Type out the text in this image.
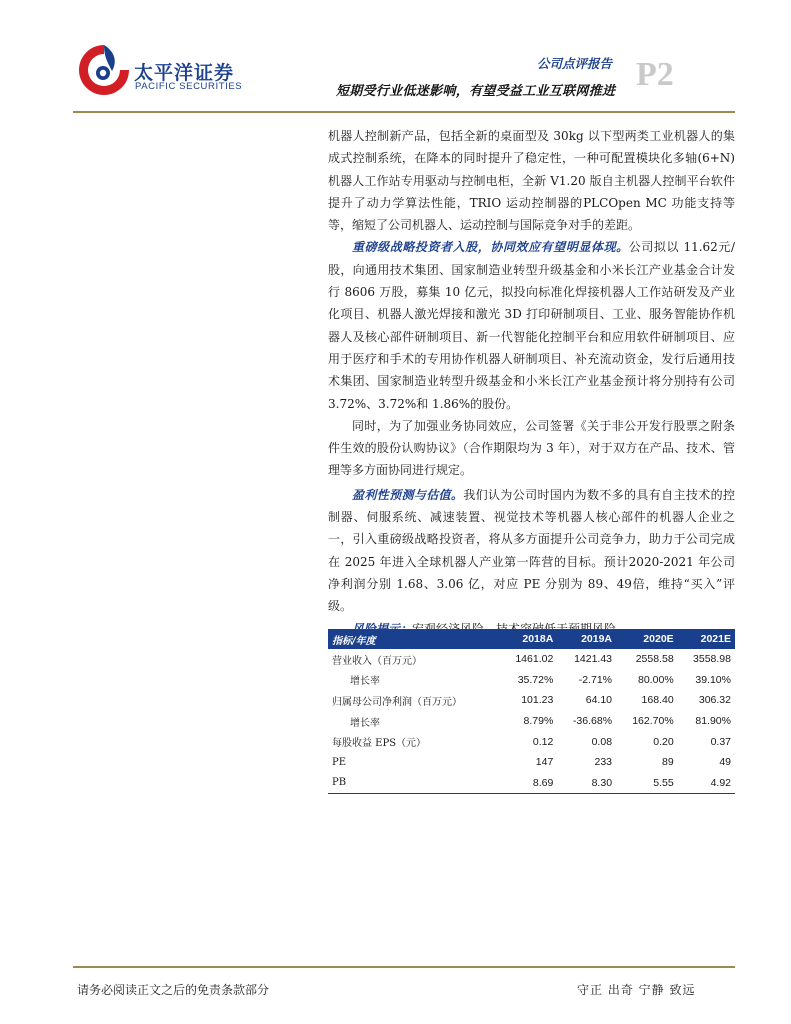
太平洋证券
PACIFIC SECURITIES
公司点评报告
短期受行业低迷影响，有望受益工业互联网推进 P2

机器人控制新产品，包括全新的桌面型及 30kg 以下型两类工业机器人的集成式控制系统，在降本的同时提升了稳定性，一种可配置模块化多轴(6+N)机器人工作站专用驱动与控制电柜，全新 V1.20 版自主机器人控制平台软件提升了动力学算法性能，TRIO 运动控制器的PLCOpen MC 功能支持等等，缩短了公司机器人、运动控制与国际竞争对手的差距。

重磅级战略投资者入股，协同效应有望明显体现。公司拟以 11.62元/股，向通用技术集团、国家制造业转型升级基金和小米长江产业基金合计发行 8606 万股，募集 10 亿元，拟投向标准化焊接机器人工作站研发及产业化项目、机器人激光焊接和激光 3D 打印研制项目、工业、服务智能协作机器人及核心部件研制项目、新一代智能化控制平台和应用软件研制项目、应用于医疗和手术的专用协作机器人研制项目、补充流动资金，发行后通用技术集团、国家制造业转型升级基金和小米长江产业基金预计将分别持有公司 3.72%、3.72%和 1.86%的股份。

同时，为了加强业务协同效应，公司签署《关于非公开发行股票之附条件生效的股份认购协议》（合作期限均为 3 年），对于双方在产品、技术、管理等多方面协同进行规定。

盈利性预测与估值。我们认为公司时国内为数不多的具有自主技术的控制器、伺服系统、减速装置、视觉技术等机器人核心部件的机器人企业之一，引入重磅级战略投资者，将从多方面提升公司竞争力，助力于公司完成在 2025 年进入全球机器人产业第一阵营的目标。预计2020-2021 年公司净利润分别 1.68、3.06 亿，对应 PE 分别为 89、49倍，维持“买入”评级。

指标/年度	2018A	2019A	2020E	2021E
营业收入（百万元）	1461.02	1421.43	2558.58	3558.98
增长率	35.72%	-2.71%	80.00%	39.10%
归属母公司净利润（百万元）	101.23	64.10	168.40	306.32
增长率	8.79%	-36.68%	162.70%	81.90%
每股收益 EPS（元）	0.12	0.08	0.20	0.37
PE	147	233	89	49
PB	8.69	8.30	5.55	4.92
请务必阅读正文之后的免责条款部分	守正 出奇 宁静 致远
